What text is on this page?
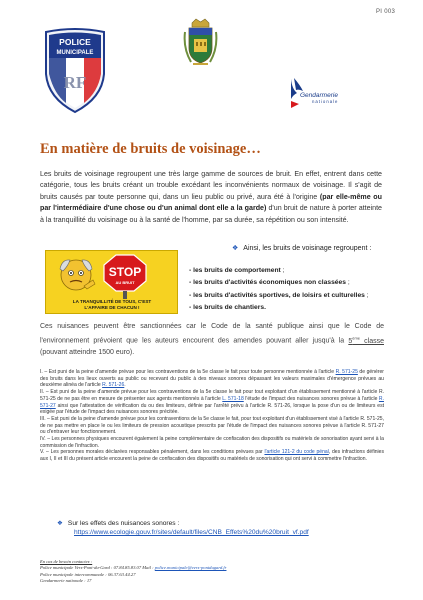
PI 003
POLICE
MUNICIPALE
RF
Gendarmerie
nationale
En matière de bruits de voisinage…
Les bruits de voisinage regroupent une très large gamme de sources de bruit. En effet, entrent dans cette catégorie, tous les bruits créant un trouble excédant les inconvénients normaux de voisinage. Il s'agit de bruits causés par toute personne qui, dans un lieu public ou privé, aura été à l'origine (par elle-même ou par l'intermédiaire d'une chose ou d'un animal dont elle a la garde) d'un bruit de nature à porter atteinte à la tranquillité du voisinage ou à la santé de l'homme, par sa durée, sa répétition ou son intensité.
STOP
AU BRUIT
LA TRANQUILLITÉ DE TOUS, C'EST
L'AFFAIRE DE CHACUN !
❖ Ainsi, les bruits de voisinage regroupent :
- les bruits de comportement ;
- les bruits d'activités économiques non classées ;
- les bruits d'activités sportives, de loisirs et culturelles ;
- les bruits de chantiers.
Ces nuisances peuvent être sanctionnées car le Code de la santé publique ainsi que le Code de l'environnement prévoient que les auteurs encourent des amendes pouvant aller jusqu'à la 5ème classe (pouvant atteindre 1500 euro).
I. – Est puni de la peine d'amende prévue pour les contraventions de la 5e classe le fait pour toute personne mentionnée à l'article R. 571-25 de générer des bruits dans les lieux ouverts au public ou recevant du public à des niveaux sonores dépassant les valeurs maximales d'émergence prévues au deuxième alinéa de l'article R. 571-26.
II. – Est puni de la peine d'amende prévue pour les contraventions de la 5e classe le fait pour tout exploitant d'un établissement mentionné à l'article R. 571-25 de ne pas être en mesure de présenter aux agents mentionnés à l'article L. 571-18 l'étude de l'impact des nuisances sonores prévue à l'article R. 571-27 ainsi que l'attestation de vérification du ou des limiteurs, définie par l'arrêté prévu à l'article R. 571-26, lorsque la pose d'un ou de limiteurs est exigée par l'étude de l'impact des nuisances sonores précitée.
III. – Est puni de la peine d'amende prévue pour les contraventions de la 5e classe le fait, pour tout exploitant d'un établissement visé à l'article R. 571-25, de ne pas mettre en place le ou les limiteurs de pression acoustique prescrits par l'étude de l'impact des nuisances sonores prévue à l'article R. 571-27 ou d'entraver leur fonctionnement.
IV. – Les personnes physiques encourent également la peine complémentaire de confiscation des dispositifs ou matériels de sonorisation ayant servi à la commission de l'infraction.
V. – Les personnes morales déclarées responsables pénalement, dans les conditions prévues par l'article 121-2 du code pénal, des infractions définies aux I, II et III du présent article encourent la peine de confiscation des dispositifs ou matériels de sonorisation qui ont servi à commettre l'infraction.
❖ Sur les effets des nuisances sonores :
https://www.ecologie.gouv.fr/sites/default/files/CNB_Effets%20du%20bruit_vf.pdf
En cas de besoin contactez :
Police municipale Vers-Pont-du-Gard : 07.84.85.83.07 Mail : police.municipale@vers-pontdugard.fr
Police municipale intercommunale : 06.37.63.44.27
Gendarmerie nationale : 17
